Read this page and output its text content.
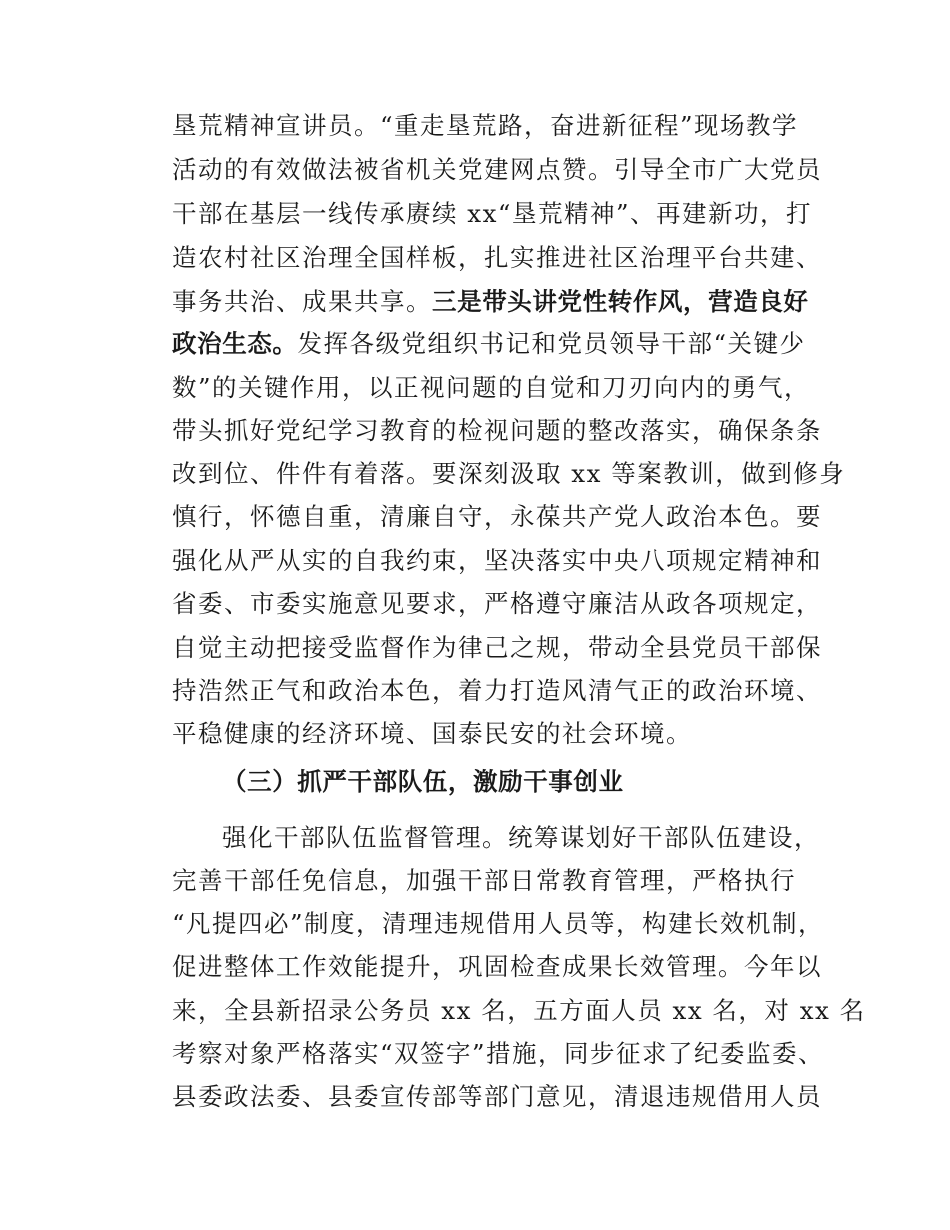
垦荒精神宣讲员。“重走垦荒路，奋进新征程”现场教学
活动的有效做法被省机关党建网点赞。引导全市广大党员
干部在基层一线传承赓续 xx“垦荒精神”、再建新功，打
造农村社区治理全国样板，扎实推进社区治理平台共建、
事务共治、成果共享。三是带头讲党性转作风，营造良好
政治生态。发挥各级党组织书记和党员领导干部“关键少
数”的关键作用，以正视问题的自觉和刀刃向内的勇气，
带头抓好党纪学习教育的检视问题的整改落实，确保条条
改到位、件件有着落。要深刻汲取 xx 等案教训，做到修身
慎行，怀德自重，清廉自守，永葆共产党人政治本色。要
强化从严从实的自我约束，坚决落实中央八项规定精神和
省委、市委实施意见要求，严格遵守廉洁从政各项规定，
自觉主动把接受监督作为律己之规，带动全县党员干部保
持浩然正气和政治本色，着力打造风清气正的政治环境、
平稳健康的经济环境、国泰民安的社会环境。
（三）抓严干部队伍，激励干事创业
强化干部队伍监督管理。统筹谋划好干部队伍建设，
完善干部任免信息，加强干部日常教育管理，严格执行
“凡提四必”制度，清理违规借用人员等，构建长效机制，
促进整体工作效能提升，巩固检查成果长效管理。今年以
来，全县新招录公务员 xx 名，五方面人员 xx 名，对 xx 名
考察对象严格落实“双签字”措施，同步征求了纪委监委、
县委政法委、县委宣传部等部门意见，清退违规借用人员
